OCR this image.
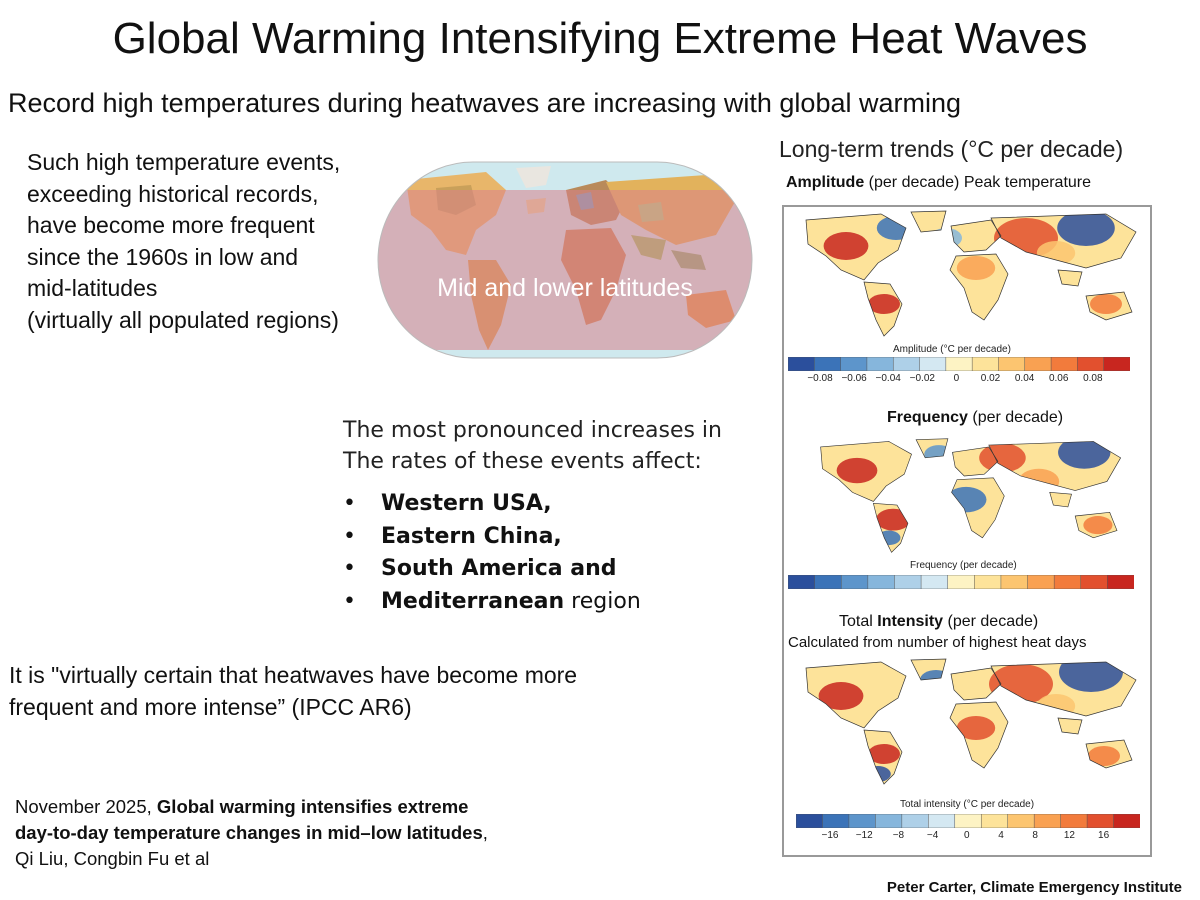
Global Warming Intensifying Extreme Heat Waves
Record high temperatures during heatwaves are increasing with global warming
Such high temperature events,
exceeding historical records,
have become more frequent
since the 1960s in low and
mid-latitudes
(virtually all populated regions)
Mid and lower latitudes
The most pronounced increases in
The rates of these events affect:
• Western USA,
• Eastern China,
• South America and
• Mediterranean region
It is "virtually certain that heatwaves have become more
frequent and more intense” (IPCC AR6)
November 2025, Global warming intensifies extreme
day-to-day temperature changes in mid–low latitudes,
Qi Liu, Congbin Fu et al
Peter Carter, Climate Emergency Institute
Long-term trends (°C per decade)
Amplitude (per decade) Peak temperature
Amplitude (°C per decade)
−0.08 −0.06 −0.04 −0.02 0 0.02 0.04 0.06 0.08
Frequency (per decade)
Frequency (per decade)
Total Intensity (per decade)
Calculated from number of highest heat days
Total intensity (°C per decade)
−16 −12 −8 −4	0	4	8	12 16
